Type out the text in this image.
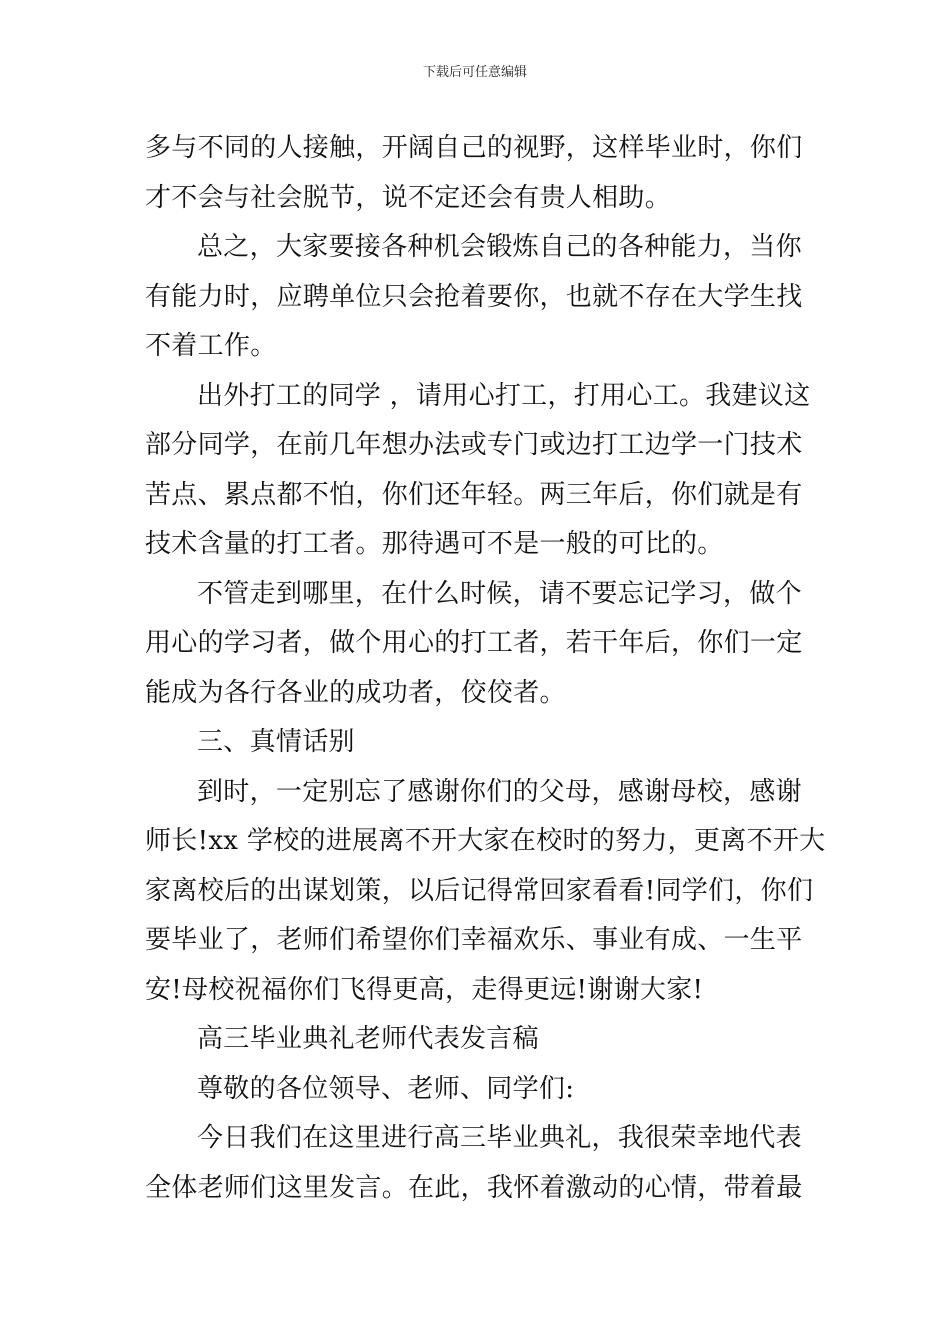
下载后可任意编辑
多与不同的人接触，开阔自己的视野，这样毕业时，你们
才不会与社会脱节，说不定还会有贵人相助。
总之，大家要接各种机会锻炼自己的各种能力，当你
有能力时，应聘单位只会抢着要你，也就不存在大学生找
不着工作。
出外打工的同学 ，请用心打工，打用心工。我建议这
部分同学，在前几年想办法或专门或边打工边学一门技术
苦点、累点都不怕，你们还年轻。两三年后，你们就是有
技术含量的打工者。那待遇可不是一般的可比的。
不管走到哪里，在什么时候，请不要忘记学习，做个
用心的学习者，做个用心的打工者，若干年后，你们一定
能成为各行各业的成功者，佼佼者。
三、真情话别
到时，一定别忘了感谢你们的父母，感谢母校，感谢
师长!xx 学校的进展离不开大家在校时的努力，更离不开大
家离校后的出谋划策，以后记得常回家看看!同学们，你们
要毕业了，老师们希望你们幸福欢乐、事业有成、一生平
安!母校祝福你们飞得更高，走得更远!谢谢大家!
高三毕业典礼老师代表发言稿
尊敬的各位领导、老师、同学们:
今日我们在这里进行高三毕业典礼，我很荣幸地代表
全体老师们这里发言。在此，我怀着激动的心情，带着最
